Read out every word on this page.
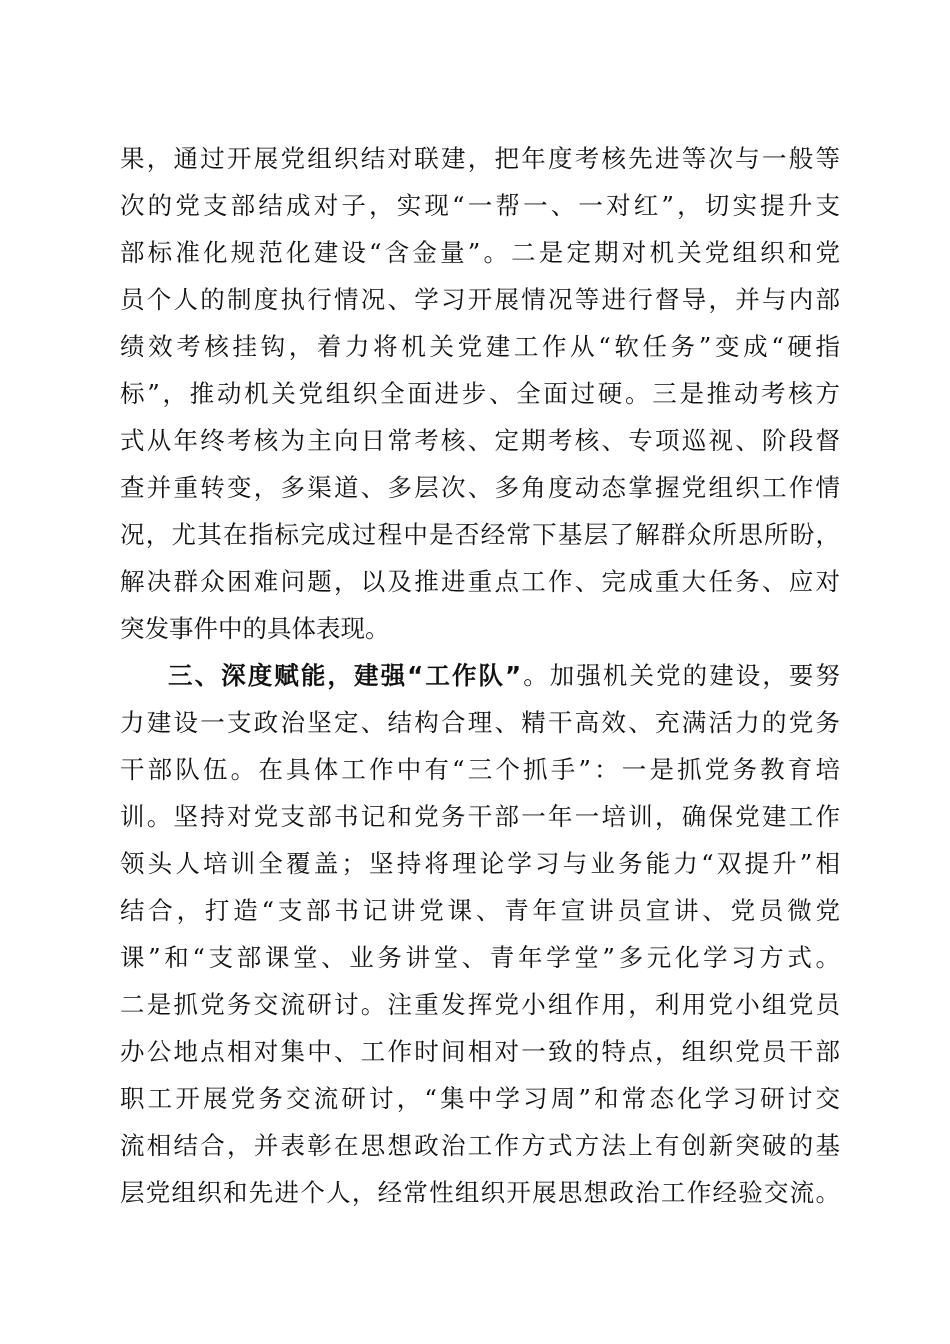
果，通过开展党组织结对联建，把年度考核先进等次与一般等
次的党支部结成对子，实现“一帮一、一对红”，切实提升支
部标准化规范化建设“含金量”。二是定期对机关党组织和党
员个人的制度执行情况、学习开展情况等进行督导，并与内部
绩效考核挂钩，着力将机关党建工作从“软任务”变成“硬指
标”，推动机关党组织全面进步、全面过硬。三是推动考核方
式从年终考核为主向日常考核、定期考核、专项巡视、阶段督
查并重转变，多渠道、多层次、多角度动态掌握党组织工作情
况，尤其在指标完成过程中是否经常下基层了解群众所思所盼，
解决群众困难问题，以及推进重点工作、完成重大任务、应对
突发事件中的具体表现。
三、深度赋能，建强“工作队”。加强机关党的建设，要努
力建设一支政治坚定、结构合理、精干高效、充满活力的党务
干部队伍。在具体工作中有“三个抓手”：一是抓党务教育培
训。坚持对党支部书记和党务干部一年一培训，确保党建工作
领头人培训全覆盖；坚持将理论学习与业务能力“双提升”相
结合，打造“支部书记讲党课、青年宣讲员宣讲、党员微党
课”和“支部课堂、业务讲堂、青年学堂”多元化学习方式。
二是抓党务交流研讨。注重发挥党小组作用，利用党小组党员
办公地点相对集中、工作时间相对一致的特点，组织党员干部
职工开展党务交流研讨，“集中学习周”和常态化学习研讨交
流相结合，并表彰在思想政治工作方式方法上有创新突破的基
层党组织和先进个人，经常性组织开展思想政治工作经验交流。
